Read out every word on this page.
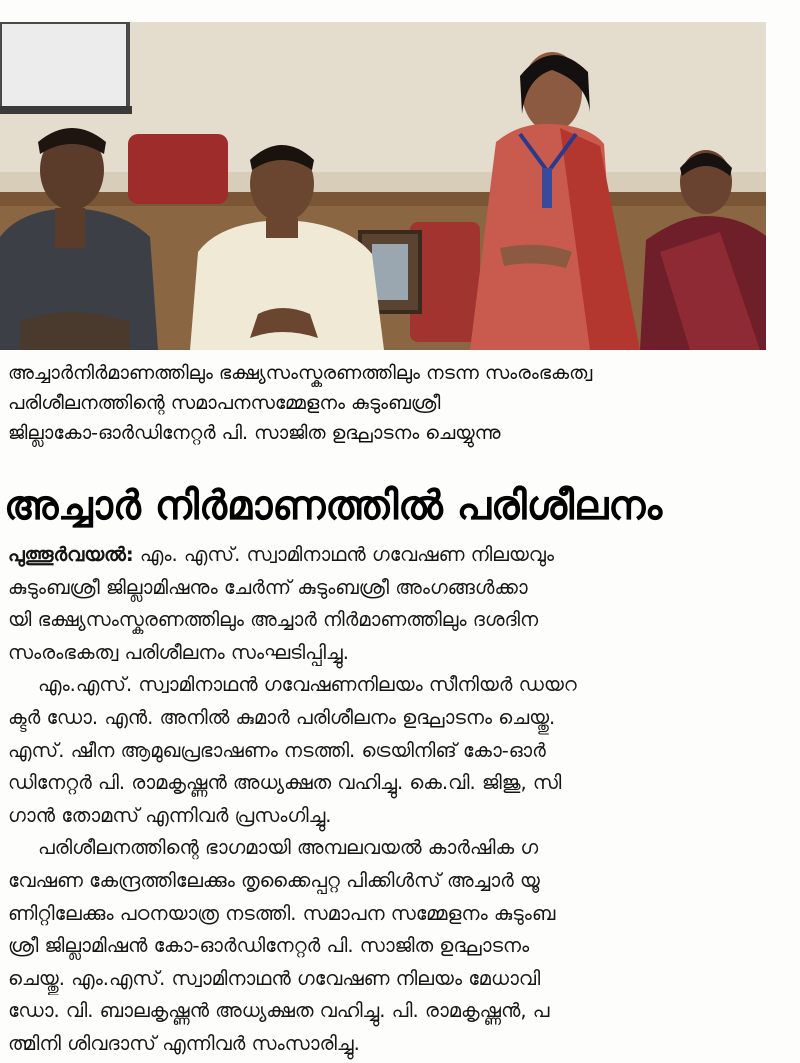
അച്ചാർനിർമാണത്തിലും ഭക്ഷ്യസംസ്കരണത്തിലും നടന്ന സംരംഭകത്വ
പരിശീലനത്തിന്റെ സമാപനസമ്മേളനം കുടുംബശ്രീ
ജില്ലാകോ-ഓർഡിനേറ്റർ പി. സാജിത ഉദ്ഘാടനം ചെയ്യുന്നു
അച്ചാർ നിർമാണത്തിൽ പരിശീലനം
പുത്തൂർവയൽ: എം. എസ്. സ്വാമിനാഥൻ ഗവേഷണ നിലയവും
കുടുംബശ്രീ ജില്ലാമിഷനും ചേർന്ന് കുടുംബശ്രീ അംഗങ്ങൾക്കാ
യി ഭക്ഷ്യസംസ്കരണത്തിലും അച്ചാർ നിർമാണത്തിലും ദശദിന
സംരംഭകത്വ പരിശീലനം സംഘടിപ്പിച്ചു.
എം.എസ്. സ്വാമിനാഥൻ ഗവേഷണനിലയം സീനിയർ ഡയറ
ക്ടർ ഡോ. എൻ. അനിൽ കുമാർ പരിശീലനം ഉദ്ഘാടനം ചെയ്തു.
എസ്. ഷീന ആമുഖപ്രഭാഷണം നടത്തി. ട്രെയിനിങ് കോ-ഓർ
ഡിനേറ്റർ പി. രാമകൃഷ്ണൻ അധ്യക്ഷത വഹിച്ചു. കെ.വി. ജിജു, സി
ഗാൻ തോമസ് എന്നിവർ പ്രസംഗിച്ചു.
പരിശീലനത്തിന്റെ ഭാഗമായി അമ്പലവയൽ കാർഷിക ഗ
വേഷണ കേന്ദ്രത്തിലേക്കും തൃക്കൈപ്പറ്റ പിക്കിൾസ് അച്ചാർ യൂ
ണിറ്റിലേക്കും പഠനയാത്ര നടത്തി. സമാപന സമ്മേളനം കുടുംബ
ശ്രീ ജില്ലാമിഷൻ കോ-ഓർഡിനേറ്റർ പി. സാജിത ഉദ്ഘാടനം
ചെയ്തു. എം.എസ്. സ്വാമിനാഥൻ ഗവേഷണ നിലയം മേധാവി
ഡോ. വി. ബാലകൃഷ്ണൻ അധ്യക്ഷത വഹിച്ചു. പി. രാമകൃഷ്ണൻ, പ
ത്മിനി ശിവദാസ് എന്നിവർ സംസാരിച്ചു.
